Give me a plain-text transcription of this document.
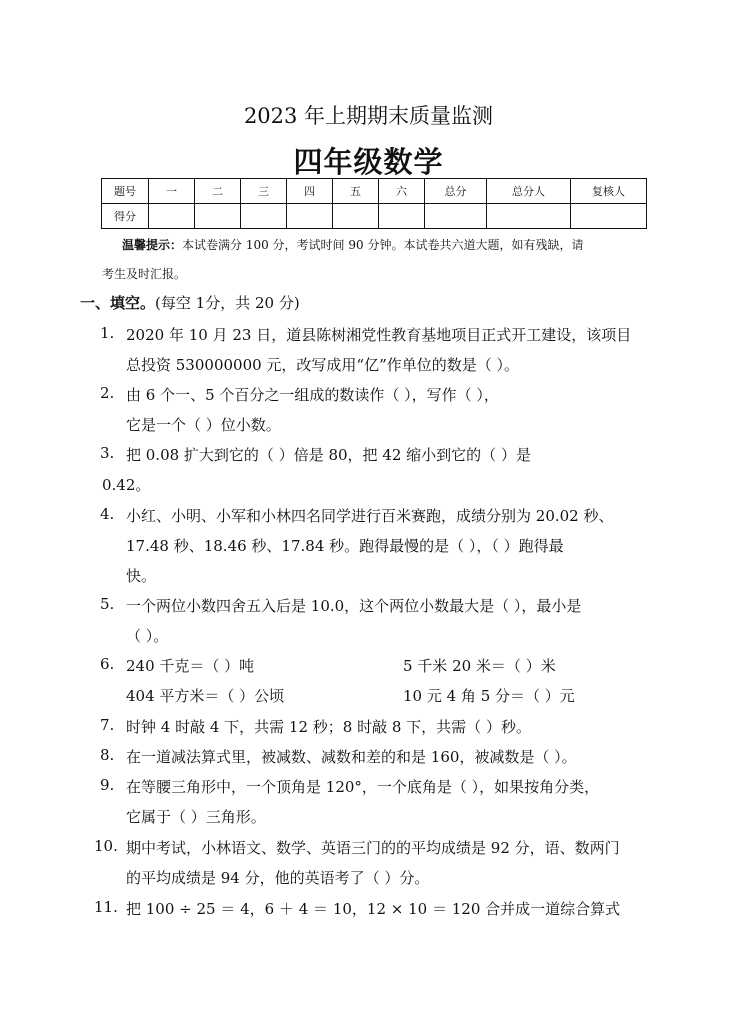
2023 年上期期末质量监测
四年级数学
题号	一	二	三	四	五	六	总分	总分人	复核人
得分									
温馨提示：本试卷满分 100 分，考试时间 90 分钟。本试卷共六道大题，如有残缺，请
考生及时汇报。
一、填空。(每空 1分，共 20 分)
1. 2020 年 10 月 23 日，道县陈树湘党性教育基地项目正式开工建设，该项目
总投资 530000000 元，改写成用“亿”作单位的数是（ ）。
2. 由 6 个一、5 个百分之一组成的数读作（ ），写作（ ），
它是一个（ ）位小数。
3. 把 0.08 扩大到它的（ ）倍是 80，把 42 缩小到它的（ ）是
0.42。
4. 小红、小明、小军和小林四名同学进行百米赛跑，成绩分别为 20.02 秒、
17.48 秒、18.46 秒、17.84 秒。跑得最慢的是（ ），（ ）跑得最
快。
5. 一个两位小数四舍五入后是 10.0，这个两位小数最大是（ ），最小是
（ ）。
6. 240 千克＝（ ）吨	5 千米 20 米＝（ ）米
404 平方米＝（ ）公顷	10 元 4 角 5 分＝（ ）元
7. 时钟 4 时敲 4 下，共需 12 秒；8 时敲 8 下，共需（ ）秒。
8. 在一道减法算式里，被减数、减数和差的和是 160，被减数是（ ）。
9. 在等腰三角形中，一个顶角是 120°，一个底角是（ ），如果按角分类，
它属于（ ）三角形。
10. 期中考试，小林语文、数学、英语三门的的平均成绩是 92 分，语、数两门
的平均成绩是 94 分，他的英语考了（ ）分。
11. 把 100 ÷ 25 ＝ 4，6 ＋ 4 ＝ 10，12 × 10 ＝ 120 合并成一道综合算式
